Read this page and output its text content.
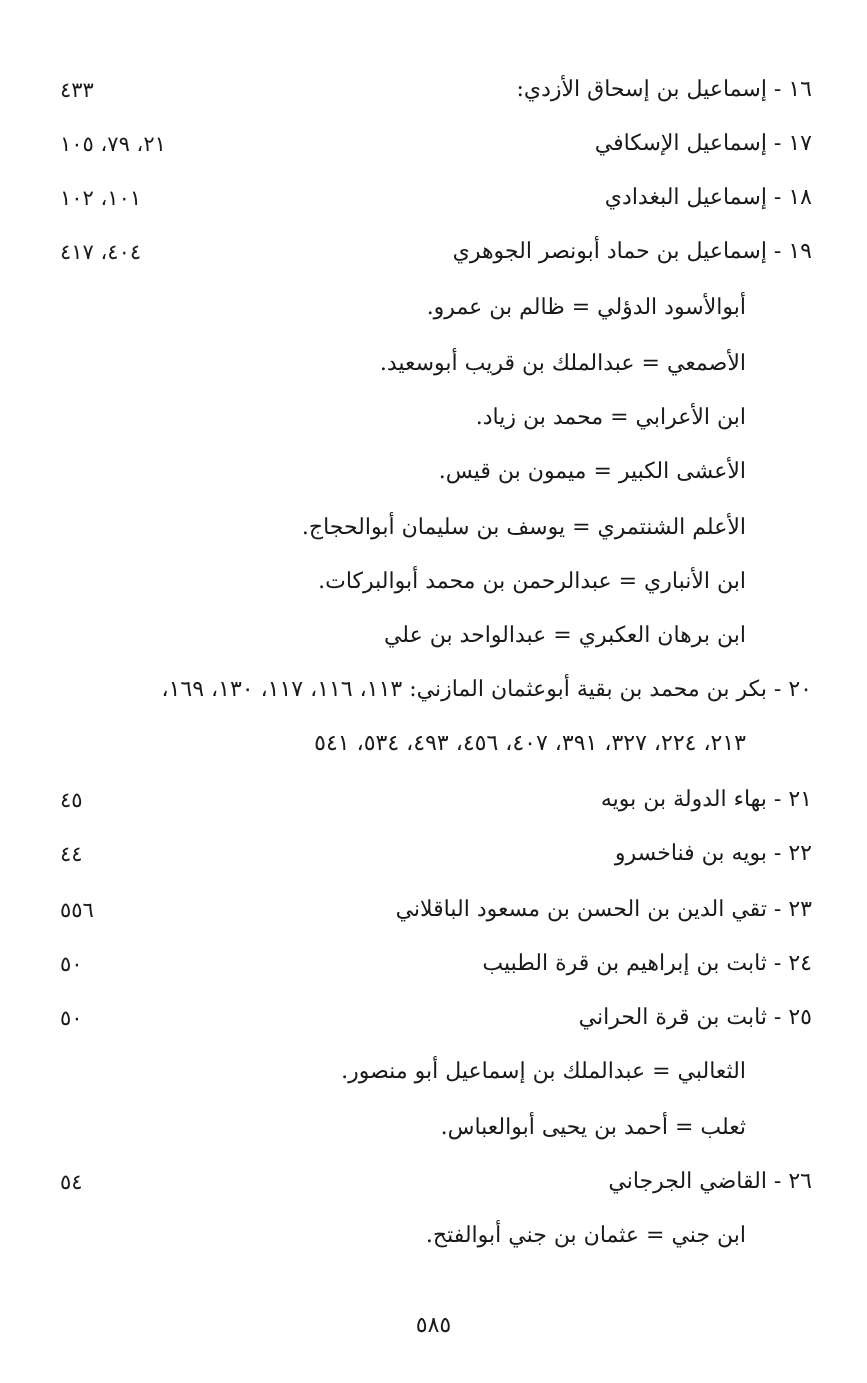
١٦ - إسماعيل بن إسحاق الأزدي:
٤٣٣
١٧ - إسماعيل الإسكافي
٢١، ٧٩، ١٠٥
١٨ - إسماعيل البغدادي
١٠١، ١٠٢
١٩ - إسماعيل بن حماد أبونصر الجوهري
٤٠٤، ٤١٧
أبوالأسود الدؤلي = ظالم بن عمرو.
الأصمعي = عبدالملك بن قريب أبوسعيد.
ابن الأعرابي = محمد بن زياد.
الأعشى الكبير = ميمون بن قيس.
الأعلم الشنتمري = يوسف بن سليمان أبوالحجاج.
ابن الأنباري = عبدالرحمن بن محمد أبوالبركات.
ابن برهان العكبري = عبدالواحد بن علي
٢٠ - بكر بن محمد بن بقية أبوعثمان المازني: ١١٣، ١١٦، ١١٧، ١٣٠، ١٦٩،
٢١٣، ٢٢٤، ٣٢٧، ٣٩١، ٤٠٧، ٤٥٦، ٤٩٣، ٥٣٤، ٥٤١
٢١ - بهاء الدولة بن بويه
٤٥
٢٢ - بويه بن فناخسرو
٤٤
٢٣ - تقي الدين بن الحسن بن مسعود الباقلاني
٥٥٦
٢٤ - ثابت بن إبراهيم بن قرة الطبيب
٥٠
٢٥ - ثابت بن قرة الحراني
٥٠
الثعالبي = عبدالملك بن إسماعيل أبو منصور.
ثعلب = أحمد بن يحيى أبوالعباس.
٢٦ - القاضي الجرجاني
٥٤
ابن جني = عثمان بن جني أبوالفتح.
٥٨٥
